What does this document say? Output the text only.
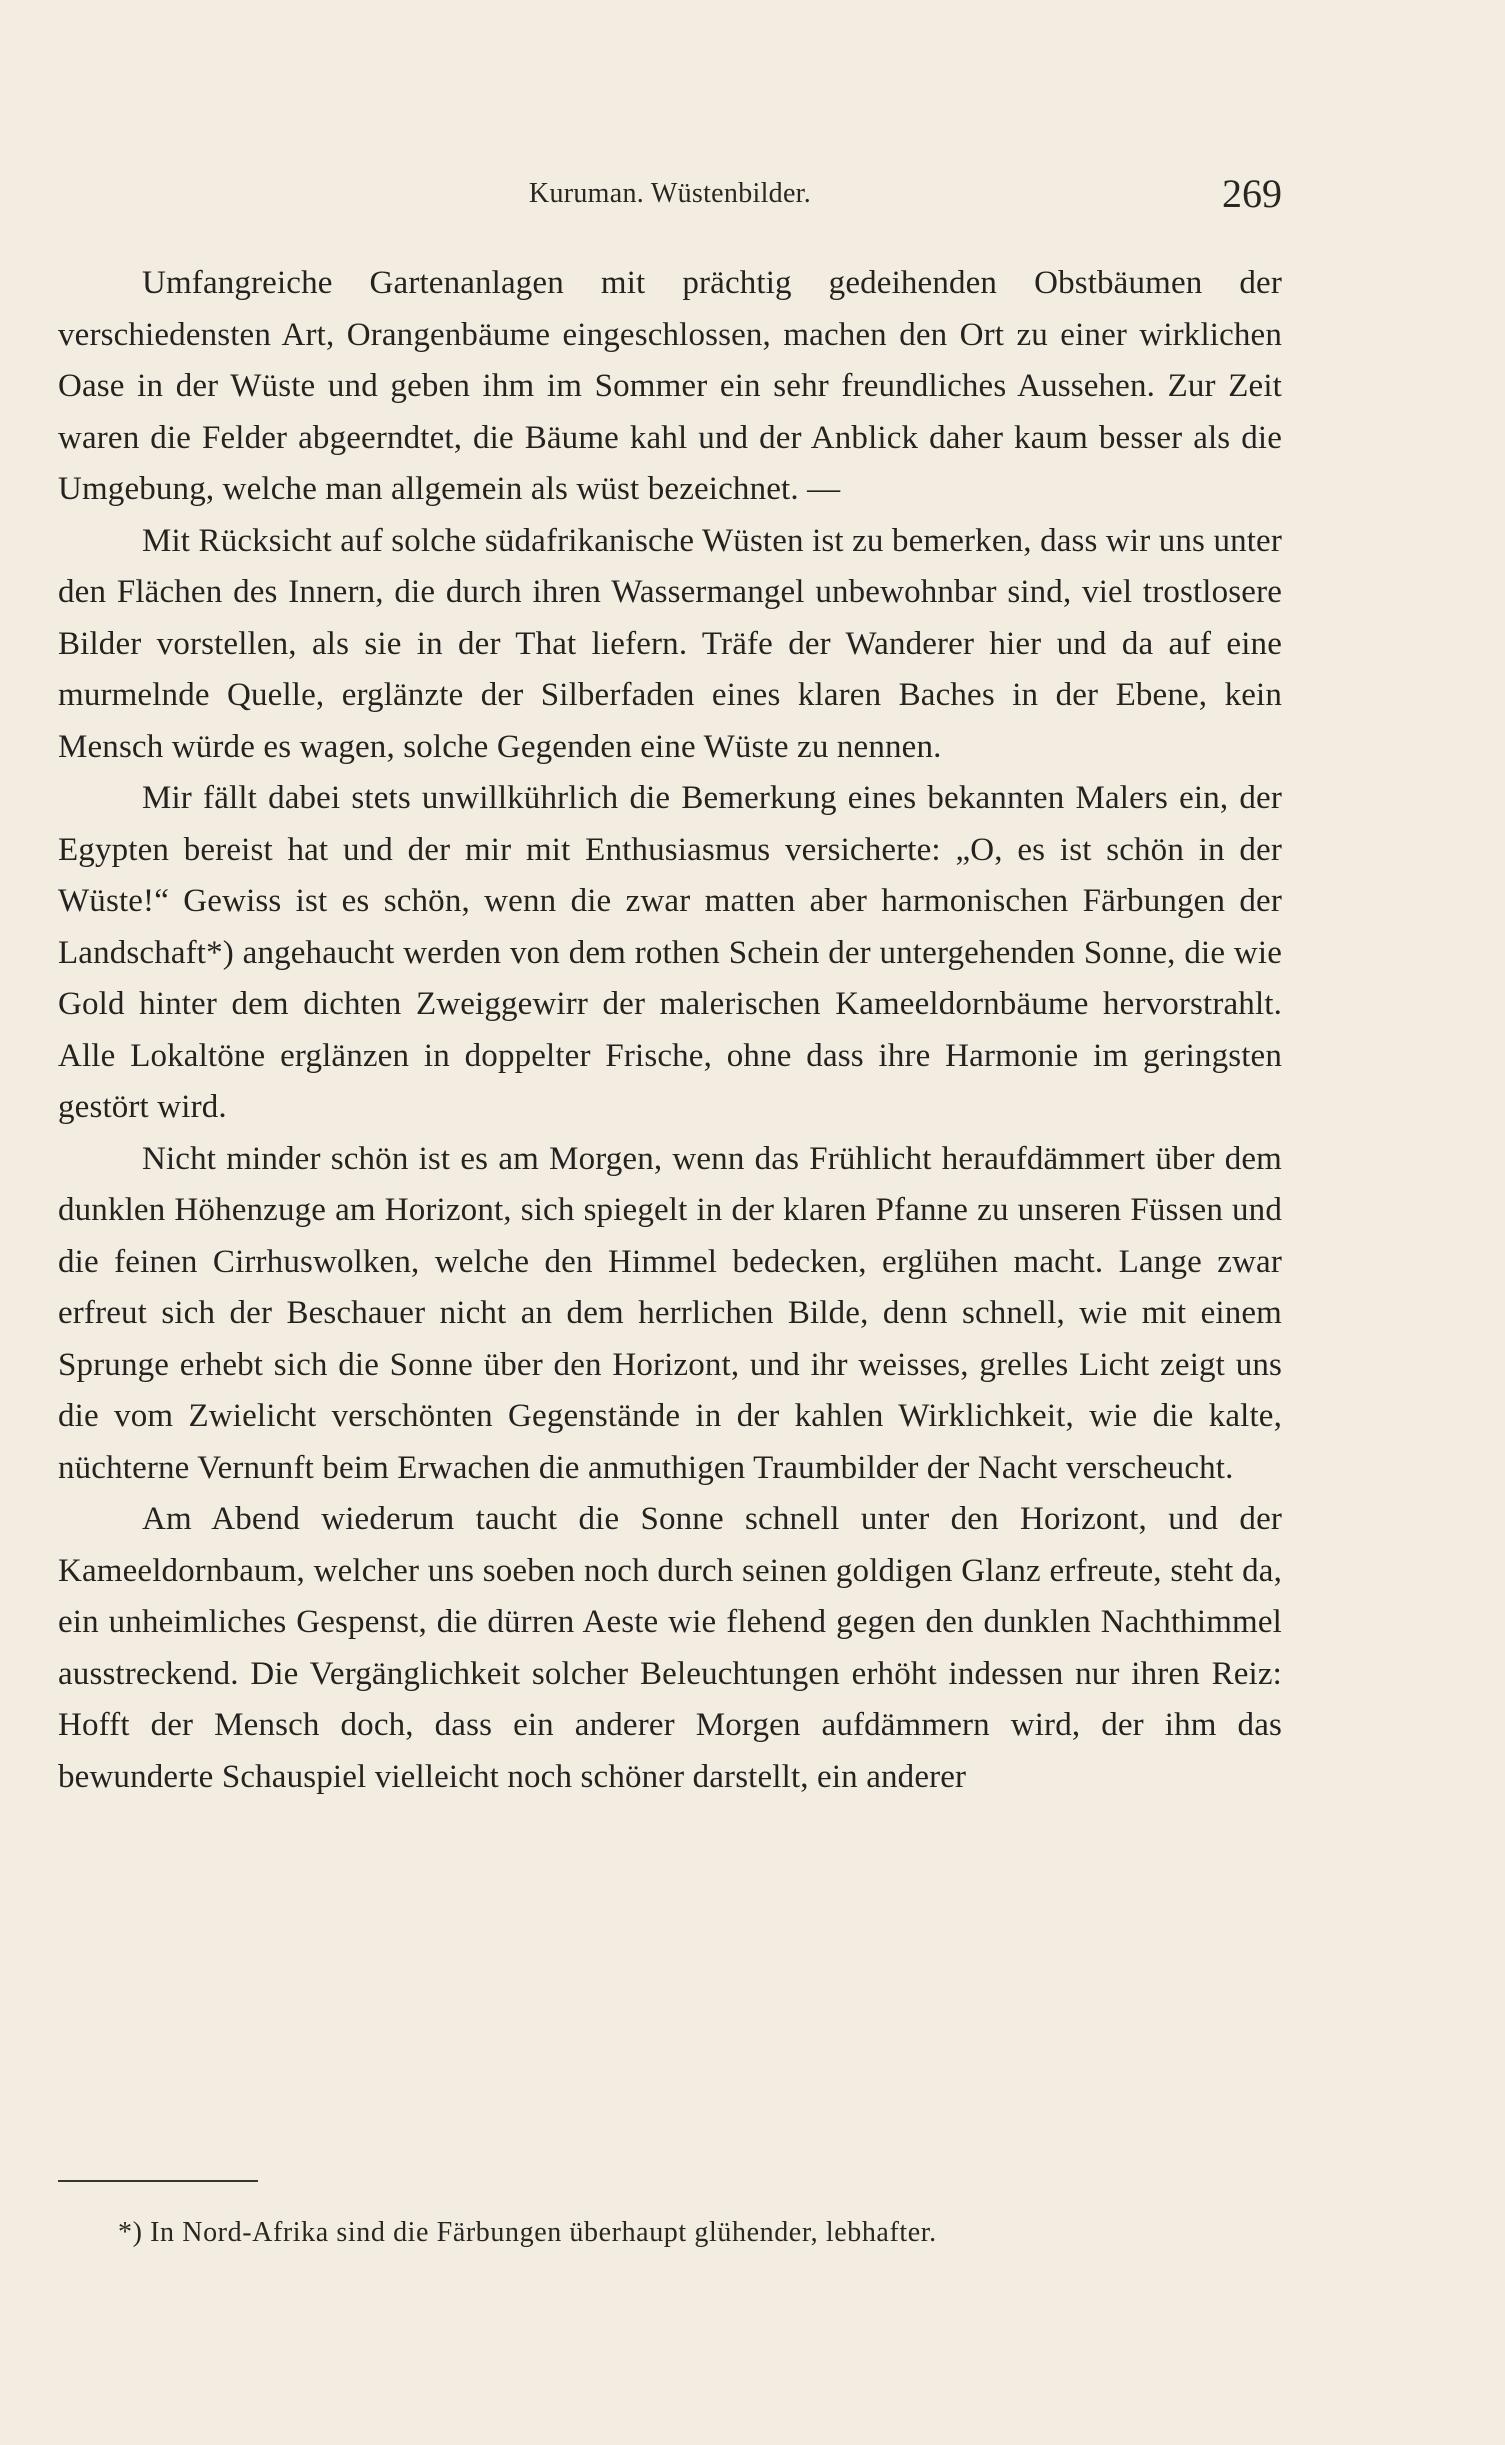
Kuruman. Wüstenbilder.	269

Umfangreiche Gartenanlagen mit prächtig gedeihenden Obstbäumen der verschiedensten Art, Orangenbäume eingeschlossen, machen den Ort zu einer wirklichen Oase in der Wüste und geben ihm im Sommer ein sehr freundliches Aussehen. Zur Zeit waren die Felder abgeerndtet, die Bäume kahl und der Anblick daher kaum besser als die Umgebung, welche man allgemein als wüst bezeichnet. —

Mit Rücksicht auf solche südafrikanische Wüsten ist zu bemerken, dass wir uns unter den Flächen des Innern, die durch ihren Wassermangel unbewohnbar sind, viel trostlosere Bilder vorstellen, als sie in der That liefern. Träfe der Wanderer hier und da auf eine murmelnde Quelle, erglänzte der Silberfaden eines klaren Baches in der Ebene, kein Mensch würde es wagen, solche Gegenden eine Wüste zu nennen.

Mir fällt dabei stets unwillkührlich die Bemerkung eines bekannten Malers ein, der Egypten bereist hat und der mir mit Enthusiasmus versicherte: „O, es ist schön in der Wüste!“ Gewiss ist es schön, wenn die zwar matten aber harmonischen Färbungen der Landschaft*) angehaucht werden von dem rothen Schein der untergehenden Sonne, die wie Gold hinter dem dichten Zweiggewirr der malerischen Kameeldornbäume hervorstrahlt. Alle Lokaltöne erglänzen in doppelter Frische, ohne dass ihre Harmonie im geringsten gestört wird.

Nicht minder schön ist es am Morgen, wenn das Frühlicht heraufdämmert über dem dunklen Höhenzuge am Horizont, sich spiegelt in der klaren Pfanne zu unseren Füssen und die feinen Cirrhuswolken, welche den Himmel bedecken, erglühen macht. Lange zwar erfreut sich der Beschauer nicht an dem herrlichen Bilde, denn schnell, wie mit einem Sprunge erhebt sich die Sonne über den Horizont, und ihr weisses, grelles Licht zeigt uns die vom Zwielicht verschönten Gegenstände in der kahlen Wirklichkeit, wie die kalte, nüchterne Vernunft beim Erwachen die anmuthigen Traumbilder der Nacht verscheucht.

Am Abend wiederum taucht die Sonne schnell unter den Horizont, und der Kameeldornbaum, welcher uns soeben noch durch seinen goldigen Glanz erfreute, steht da, ein unheimliches Gespenst, die dürren Aeste wie flehend gegen den dunklen Nachthimmel ausstreckend. Die Vergänglichkeit solcher Beleuchtungen erhöht indessen nur ihren Reiz: Hofft der Mensch doch, dass ein anderer Morgen aufdämmern wird, der ihm das bewunderte Schauspiel vielleicht noch schöner darstellt, ein anderer

*) In Nord-Afrika sind die Färbungen überhaupt glühender, lebhafter.
